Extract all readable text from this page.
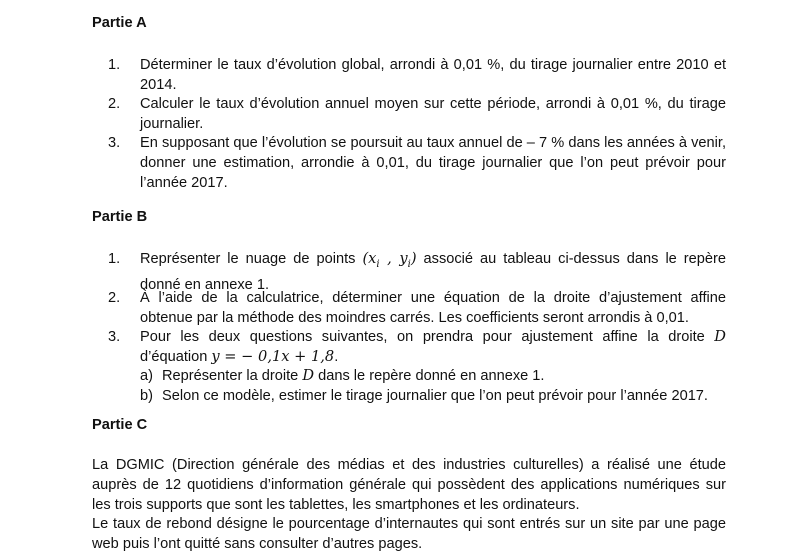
Partie A
1. Déterminer le taux d’évolution global, arrondi à 0,01 %, du tirage journalier entre 2010 et 2014.
2. Calculer le taux d’évolution annuel moyen sur cette période, arrondi à 0,01 %, du tirage journalier.
3. En supposant que l’évolution se poursuit au taux annuel de – 7 % dans les années à venir, donner une estimation, arrondie à 0,01, du tirage journalier que l’on peut prévoir pour l’année 2017.
Partie B
1. Représenter le nuage de points ($x_i$ , $y_i$) associé au tableau ci-dessus dans le repère donné en annexe 1.
2. À l’aide de la calculatrice, déterminer une équation de la droite d’ajustement affine obtenue par la méthode des moindres carrés. Les coefficients seront arrondis à 0,01.
3. Pour les deux questions suivantes, on prendra pour ajustement affine la droite D d’équation y = − 0,1x + 1,8.
a) Représenter la droite D dans le repère donné en annexe 1.
b) Selon ce modèle, estimer le tirage journalier que l’on peut prévoir pour l’année 2017.
Partie C
La DGMIC (Direction générale des médias et des industries culturelles) a réalisé une étude auprès de 12 quotidiens d’information générale qui possèdent des applications numériques sur les trois supports que sont les tablettes, les smartphones et les ordinateurs.
Le taux de rebond désigne le pourcentage d’internautes qui sont entrés sur un site par une page web puis l’ont quitté sans consulter d’autres pages.
